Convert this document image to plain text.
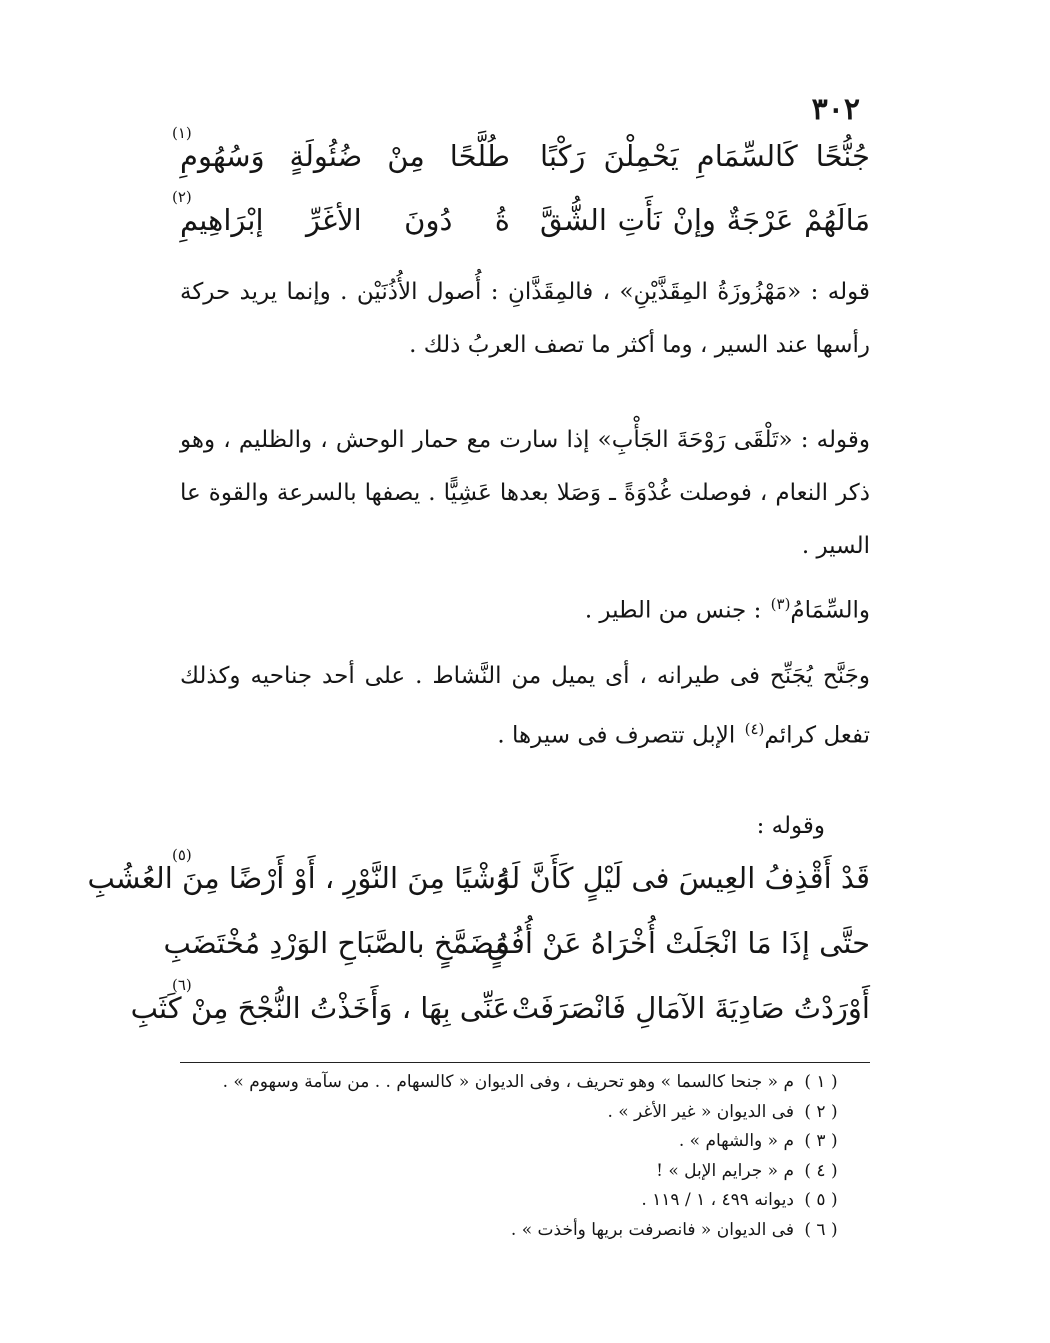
٣٠٢
جُنُّحًا كَالسِّمَامِ يَحْمِلْنَ رَكْبًا
طُلَّحًا مِنْ ضُئُولَةٍ وَسُهُومِ
(١)
مَالَهُمْ عَرْجَةٌ وإنْ نَأَتِ الشُّقَّ
ةُ دُونَ الأغَرِّ إبْرَاهِيمِ
(٢)

قوله : «مَهْزُوزَةُ المِقَذَّيْنِ» ، فالمِقَذَّانِ : أُصول الأُذُنَيْن . وإنما يريد حركة رأسها عند السير ، وما أكثر ما تصف العربُ ذلك .

وقوله : «تَلْقَى رَوْحَةَ الجَأْبِ» إذا سارت مع حمار الوحش ، والظليم ، وهو ذكر النعام ، فوصلت غُدْوَةً ـ وَصَلا بعدها عَشِيًّا . يصفها بالسرعة والقوة عا السير .

والسِّمَامُ$^{(٣)}$ : جنس من الطير .

وجَنَّح يُجَنِّح فى طيرانه ، أى يميل من النَّشاط . على أحد جناحيه وكذلك تفعل كرائم$^{(٤)}$ الإبل تتصرف فى سيرها .

وقوله :

قَدْ أَقْذِفُ العِيسَ فى لَيْلٍ كَأَنَّ لَهُ
وَشْيًا مِنَ النَّوْرِ ، أَوْ أَرْضًا مِنَ العُشُبِ
(٥)
حتَّى إذَا مَا انْجَلَتْ أُخْرَاهُ عَنْ أُفُقٍ
مُضَمَّخٍ بالصَّبَاحِ الوَرْدِ مُخْتَضَبِ
أَوْرَدْتُ صَادِيَةَ الآمَالِ فَانْصَرَفَتْ
عَنِّى بِهَا ، وَأَخَذْتُ النُّجْحَ مِنْ كَثَبِ
(٦)
( ١ )م « جنحا كالسما » وهو تحريف ، وفى الديوان « كالسهام . . من سآمة وسهوم » .
( ٢ )فى الديوان « غير الأغر » .
( ٣ )م « والشهام » .
( ٤ )م « جرايم الإبل » !
( ٥ )ديوانه ٤٩٩ ، ١ / ١١٩ .
( ٦ )فى الديوان « فانصرفت بريها وأخذت » .
